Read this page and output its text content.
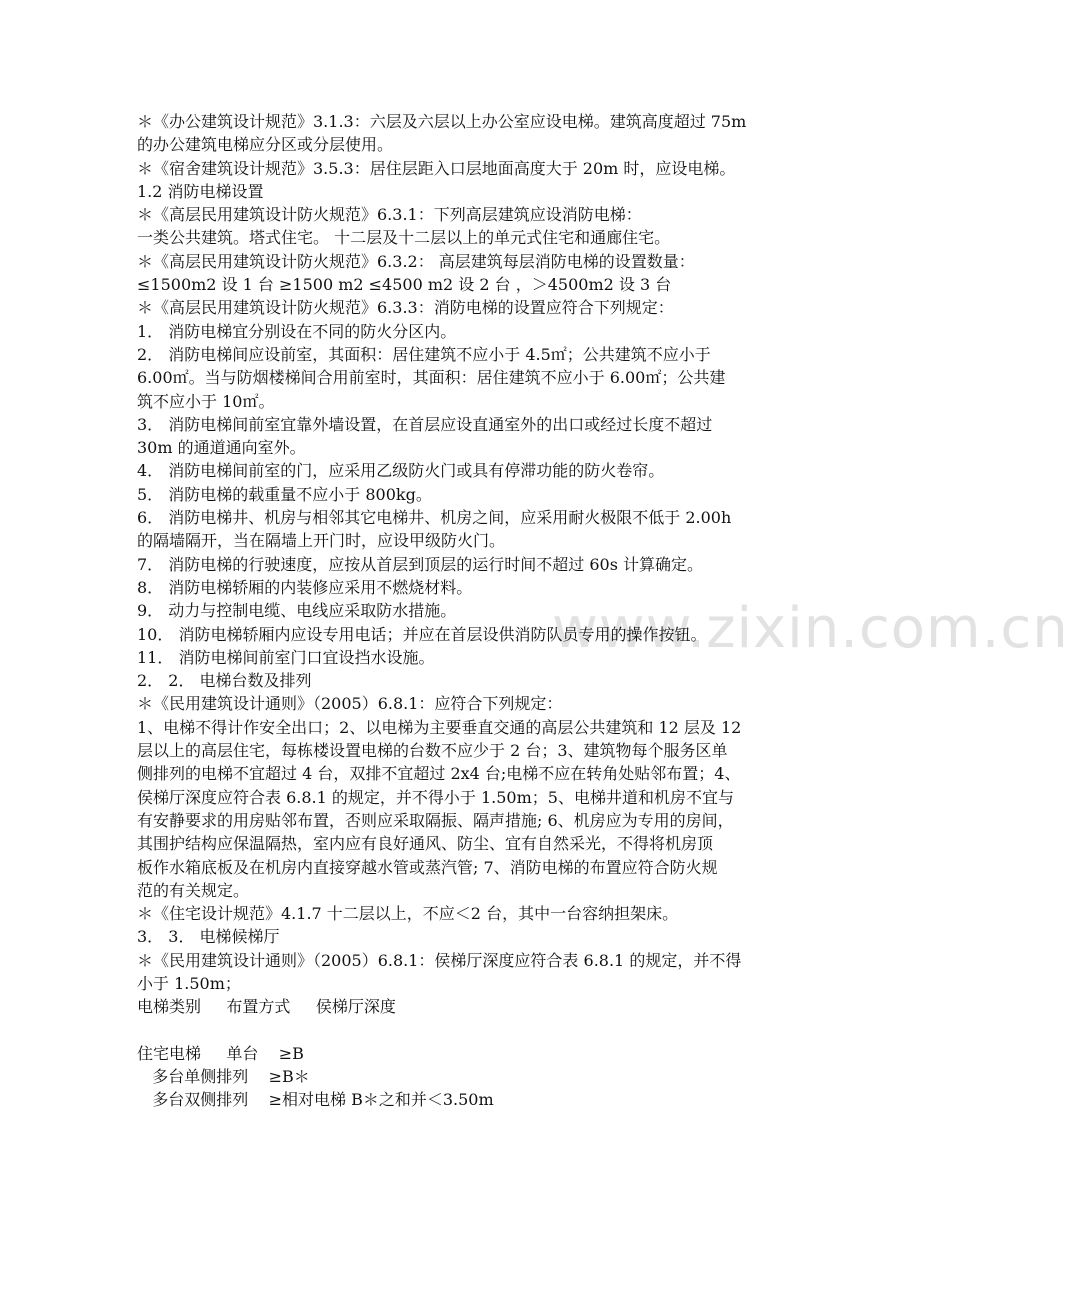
www.zixin.com.cn
＊《办公建筑设计规范》3.1.3：六层及六层以上办公室应设电梯。建筑高度超过 75m
的办公建筑电梯应分区或分层使用。
＊《宿舍建筑设计规范》3.5.3：居住层距入口层地面高度大于 20m 时，应设电梯。
1.2 消防电梯设置
＊《高层民用建筑设计防火规范》6.3.1：下列高层建筑应设消防电梯：
一类公共建筑。塔式住宅。 十二层及十二层以上的单元式住宅和通廊住宅。
＊《高层民用建筑设计防火规范》6.3.2： 高层建筑每层消防电梯的设置数量：
≤1500m2 设 1 台 ≥1500 m2 ≤4500 m2 设 2 台 ，＞4500m2 设 3 台
＊《高层民用建筑设计防火规范》6.3.3：消防电梯的设置应符合下列规定：
1． 消防电梯宜分别设在不同的防火分区内。
2． 消防电梯间应设前室，其面积：居住建筑不应小于 4.5㎡；公共建筑不应小于
6.00㎡。当与防烟楼梯间合用前室时，其面积：居住建筑不应小于 6.00㎡；公共建
筑不应小于 10㎡。
3． 消防电梯间前室宜靠外墙设置，在首层应设直通室外的出口或经过长度不超过
30m 的通道通向室外。
4． 消防电梯间前室的门，应采用乙级防火门或具有停滞功能的防火卷帘。
5． 消防电梯的载重量不应小于 800kg。
6． 消防电梯井、机房与相邻其它电梯井、机房之间，应采用耐火极限不低于 2.00h
的隔墙隔开，当在隔墙上开门时，应设甲级防火门。
7． 消防电梯的行驶速度，应按从首层到顶层的运行时间不超过 60s 计算确定。
8． 消防电梯轿厢的内装修应采用不燃烧材料。
9． 动力与控制电缆、电线应采取防水措施。
10． 消防电梯轿厢内应设专用电话；并应在首层设供消防队员专用的操作按钮。
11． 消防电梯间前室门口宜设挡水设施。
2． 2． 电梯台数及排列
＊《民用建筑设计通则》（2005）6.8.1：应符合下列规定：
1、电梯不得计作安全出口；2、以电梯为主要垂直交通的高层公共建筑和 12 层及 12
层以上的高层住宅，每栋楼设置电梯的台数不应少于 2 台；3、建筑物每个服务区单
侧排列的电梯不宜超过 4 台，双排不宜超过 2x4 台;电梯不应在转角处贴邻布置；4、
侯梯厅深度应符合表 6.8.1 的规定，并不得小于 1.50m；5、电梯井道和机房不宜与
有安静要求的用房贴邻布置，否则应采取隔振、隔声措施; 6、机房应为专用的房间，
其围护结构应保温隔热，室内应有良好通风、防尘、宜有自然采光，不得将机房顶
板作水箱底板及在机房内直接穿越水管或蒸汽管; 7、消防电梯的布置应符合防火规
范的有关规定。
＊《住宅设计规范》4.1.7 十二层以上，不应＜2 台，其中一台容纳担架床。
3． 3． 电梯候梯厅
＊《民用建筑设计通则》（2005）6.8.1：侯梯厅深度应符合表 6.8.1 的规定，并不得
小于 1.50m；
电梯类别     布置方式     侯梯厅深度
住宅电梯     单台    ≥B
多台单侧排列    ≥B＊
多台双侧排列    ≥相对电梯 B＊之和并＜3.50m
